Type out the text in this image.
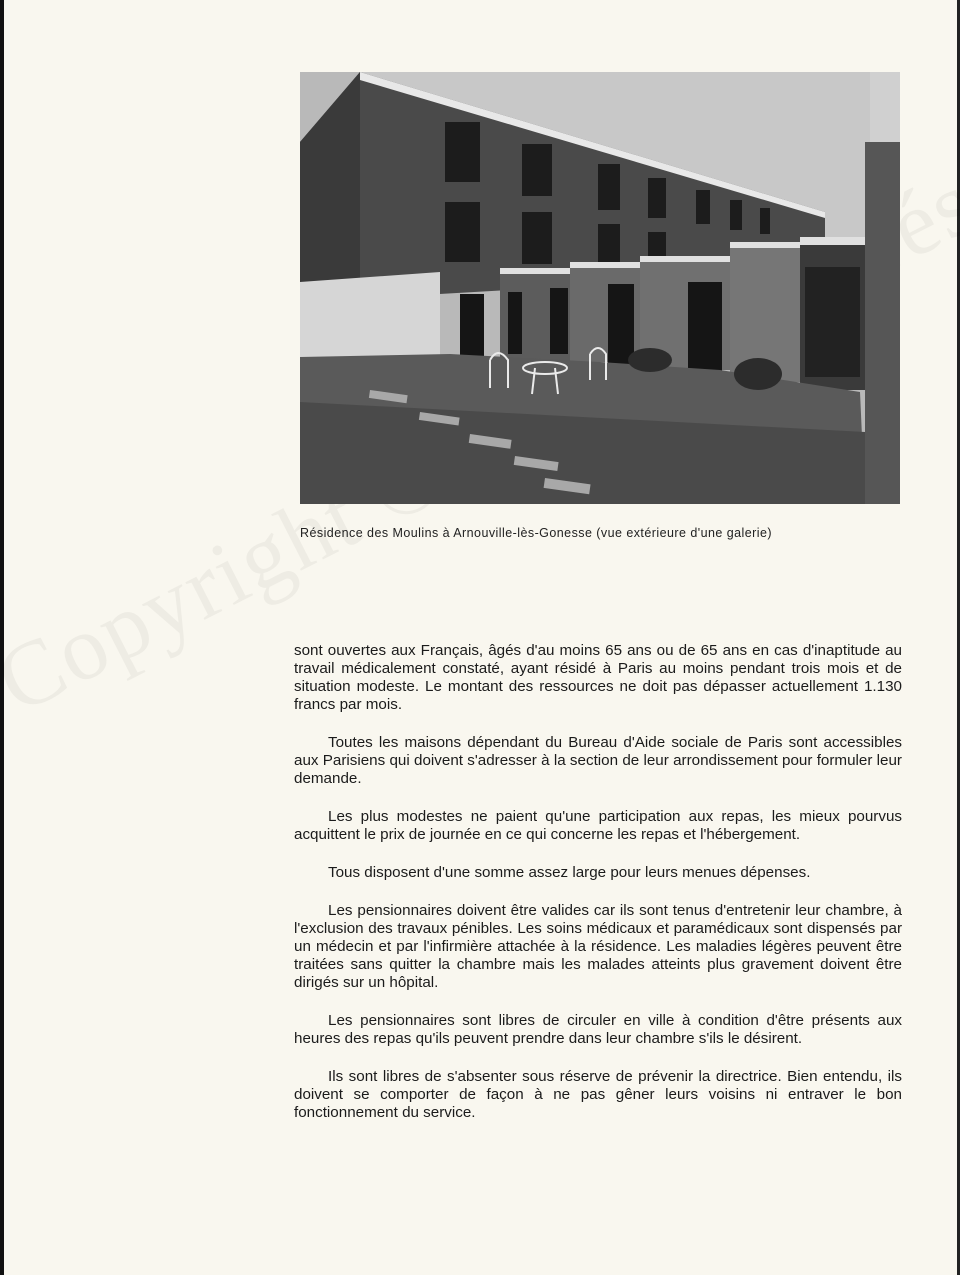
Résidence des Moulins à Arnouville-lès-Gonesse (vue extérieure d'une galerie)

sont ouvertes aux Français, âgés d'au moins 65 ans ou de 65 ans en cas d'inaptitude au travail médicalement constaté, ayant résidé à Paris au moins pendant trois mois et de situation modeste. Le montant des ressources ne doit pas dépasser actuellement 1.130 francs par mois.

Toutes les maisons dépendant du Bureau d'Aide sociale de Paris sont accessibles aux Parisiens qui doivent s'adresser à la section de leur arrondissement pour formuler leur demande.

Les plus modestes ne paient qu'une participation aux repas, les mieux pourvus acquittent le prix de journée en ce qui concerne les repas et l'hébergement.

Tous disposent d'une somme assez large pour leurs menues dépenses.

Les pensionnaires doivent être valides car ils sont tenus d'entretenir leur chambre, à l'exclusion des travaux pénibles. Les soins médicaux et paramédicaux sont dispensés par un médecin et par l'infirmière attachée à la résidence. Les maladies légères peuvent être traitées sans quitter la chambre mais les malades atteints plus gravement doivent être dirigés sur un hôpital.

Les pensionnaires sont libres de circuler en ville à condition d'être présents aux heures des repas qu'ils peuvent prendre dans leur chambre s'ils le désirent.

Ils sont libres de s'absenter sous réserve de prévenir la directrice. Bien entendu, ils doivent se comporter de façon à ne pas gêner leurs voisins ni entraver le bon fonctionnement du service.
